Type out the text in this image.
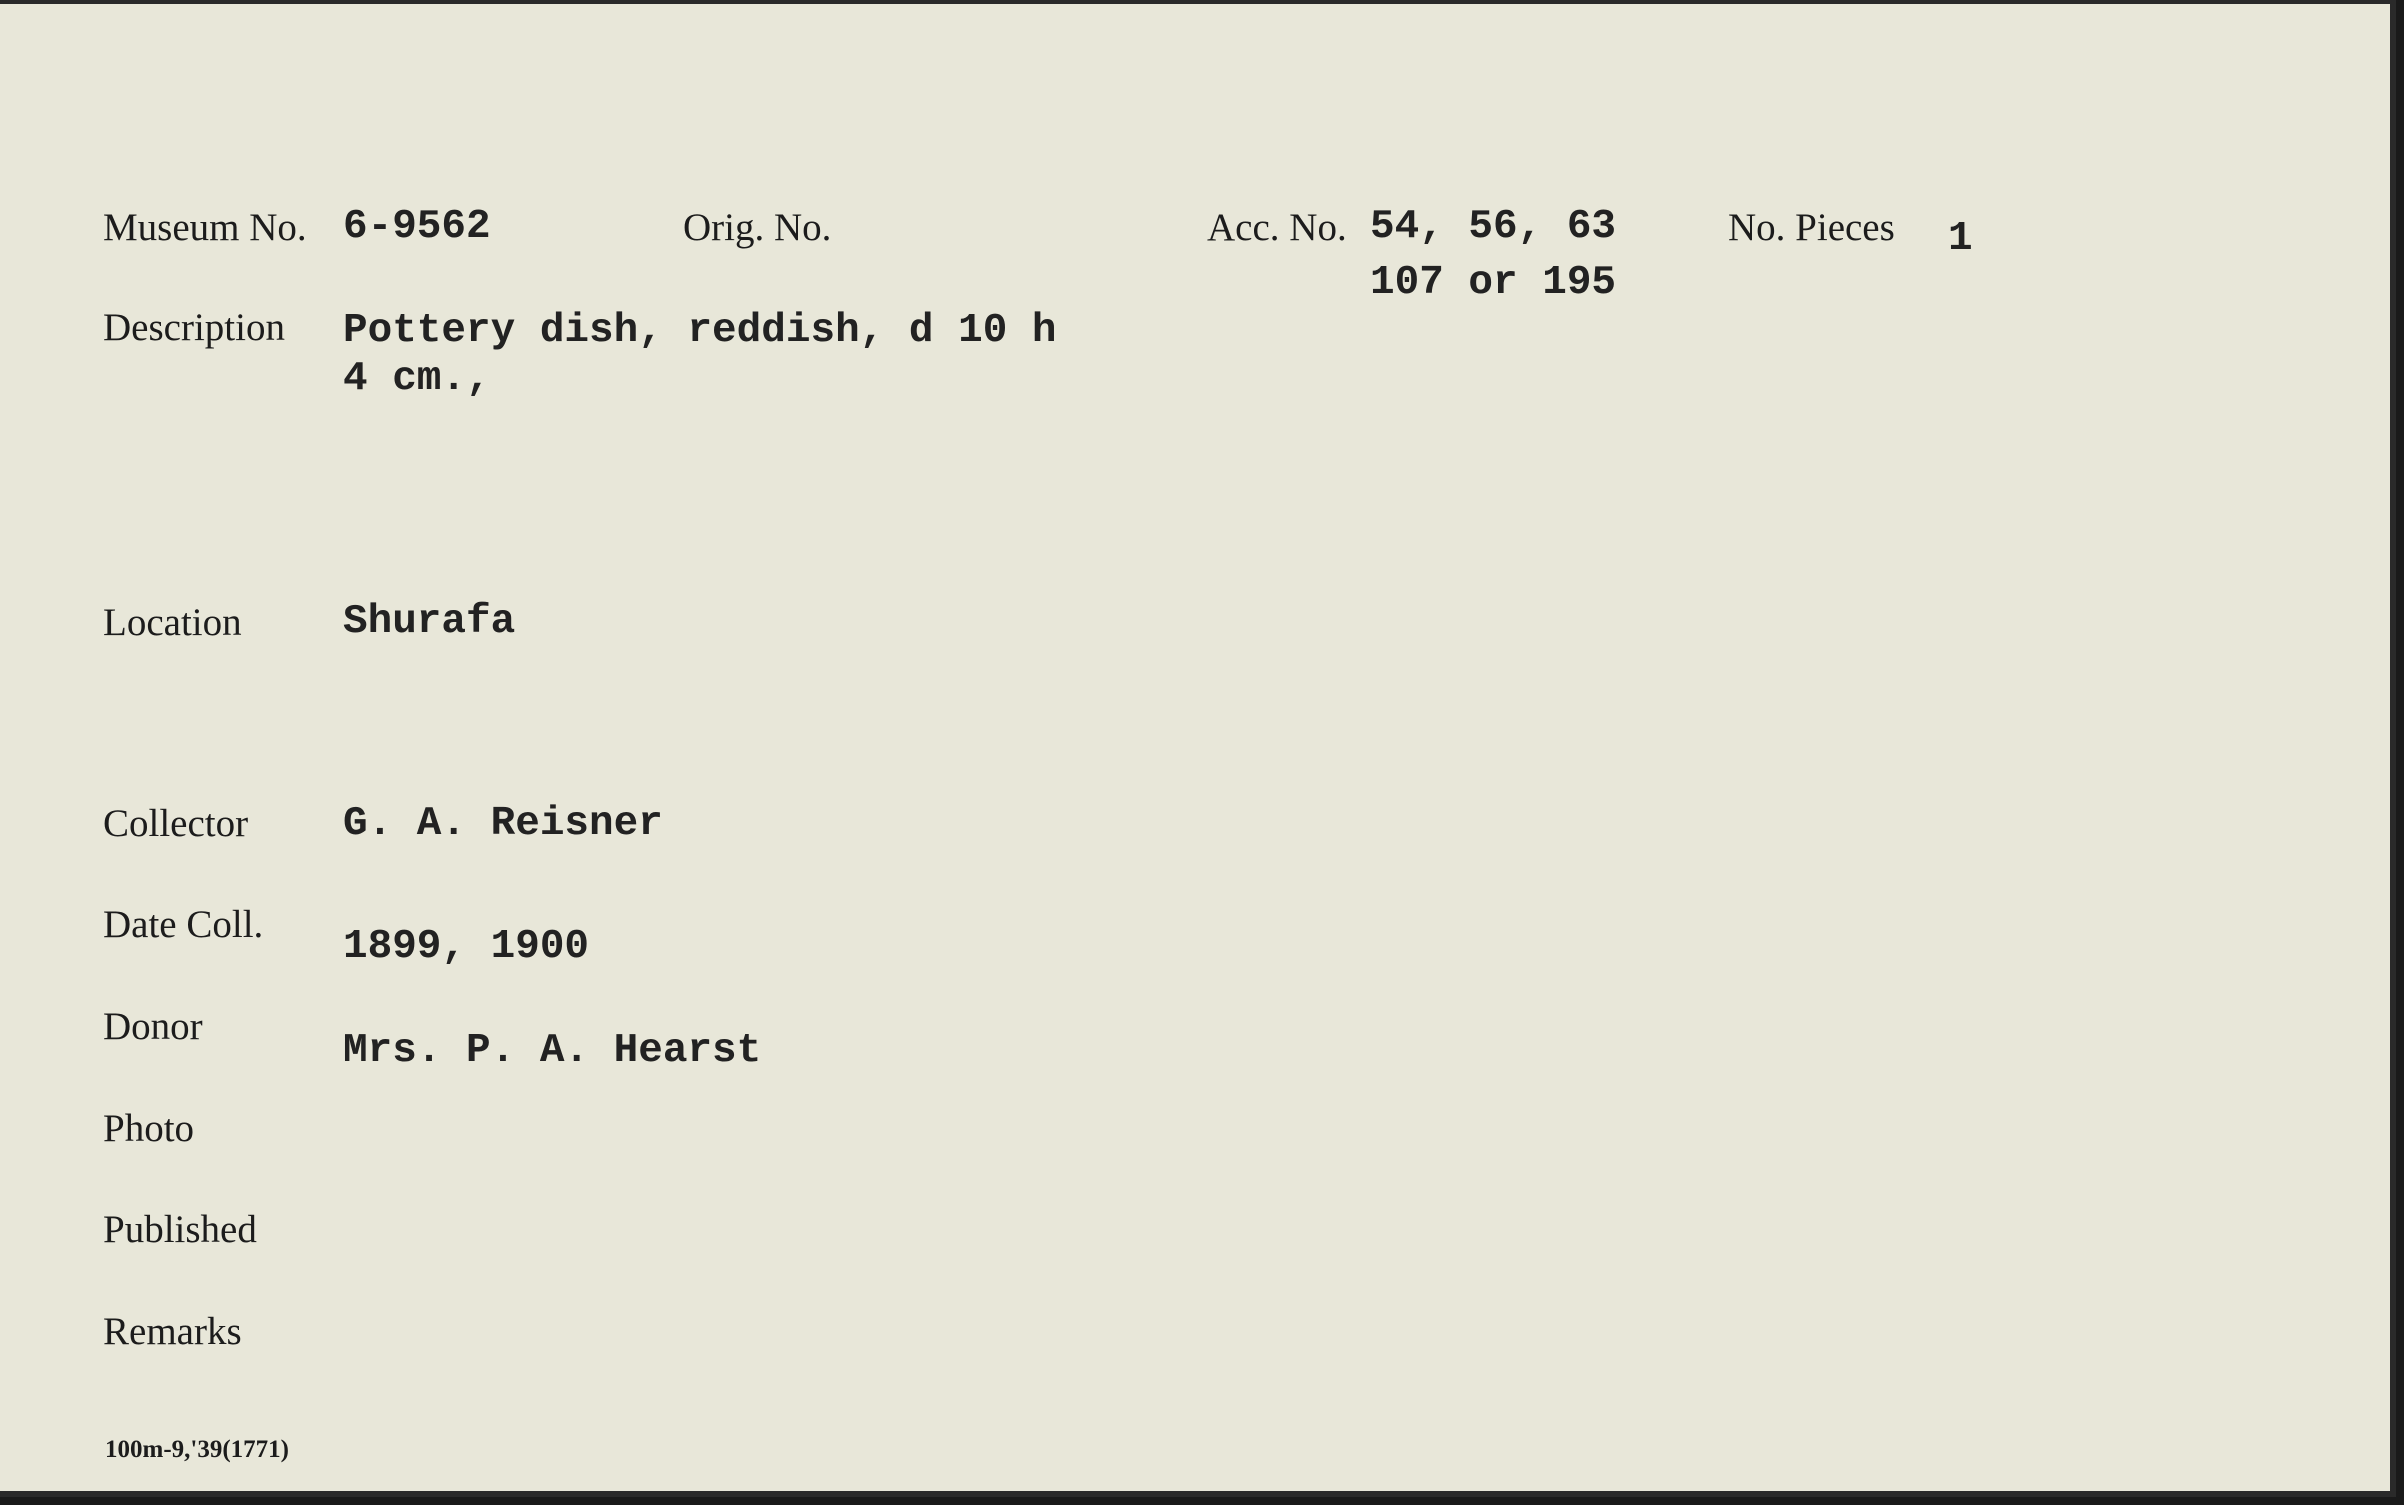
Museum No. 6-9562	Orig. No.	Acc. No. 54, 56, 63
107 or 195
No. Pieces 1
Description Pottery dish, reddish, d 10 h
4 cm.,
Location Shurafa
Collector G. A. Reisner
Date Coll. 1899, 1900
Donor
Mrs. P. A. Hearst
Photo
Published
Remarks
100m-9,'39(1771)
